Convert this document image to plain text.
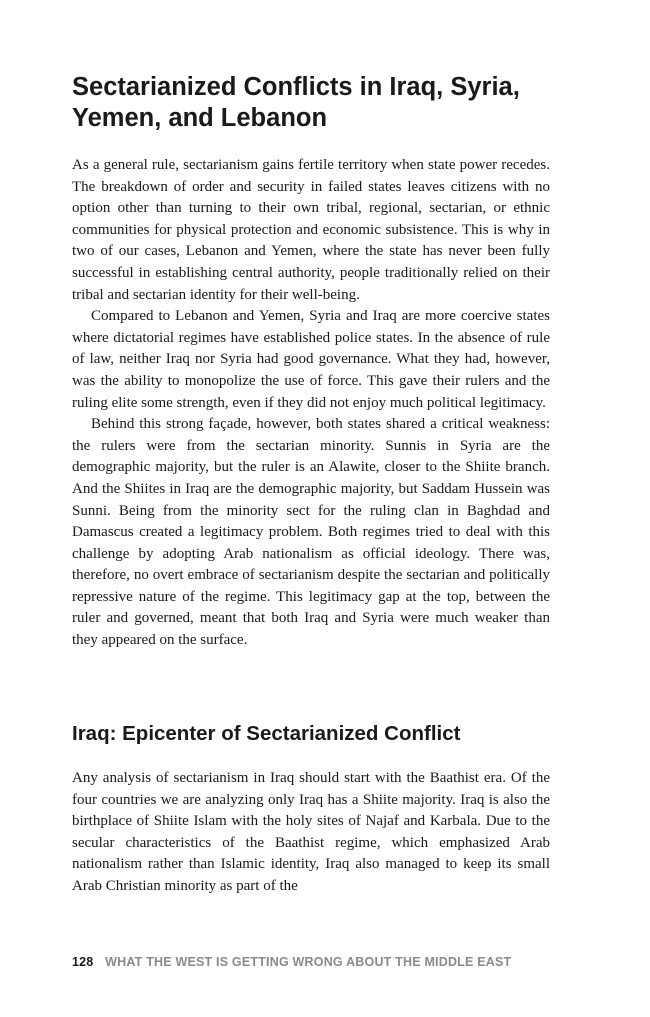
Sectarianized Conflicts in Iraq, Syria, Yemen, and Lebanon

As a general rule, sectarianism gains fertile territory when state power recedes. The breakdown of order and security in failed states leaves citizens with no option other than turning to their own tribal, regional, sectarian, or ethnic communities for physical protection and economic subsistence. This is why in two of our cases, Lebanon and Yemen, where the state has never been fully successful in establishing central authority, people traditionally relied on their tribal and sectarian identity for their well-being.

Compared to Lebanon and Yemen, Syria and Iraq are more coercive states where dictatorial regimes have established police states. In the absence of rule of law, neither Iraq nor Syria had good governance. What they had, however, was the ability to monopolize the use of force. This gave their rulers and the ruling elite some strength, even if they did not enjoy much political legitimacy.

Behind this strong façade, however, both states shared a critical weakness: the rulers were from the sectarian minority. Sunnis in Syria are the demographic majority, but the ruler is an Alawite, closer to the Shiite branch. And the Shiites in Iraq are the demographic majority, but Saddam Hussein was Sunni. Being from the minority sect for the ruling clan in Baghdad and Damascus created a legitimacy problem. Both regimes tried to deal with this challenge by adopting Arab nationalism as official ideology. There was, therefore, no overt embrace of sectarianism despite the sectarian and politically repressive nature of the regime. This legitimacy gap at the top, between the ruler and governed, meant that both Iraq and Syria were much weaker than they appeared on the surface.

Iraq: Epicenter of Sectarianized Conflict

Any analysis of sectarianism in Iraq should start with the Baathist era. Of the four countries we are analyzing only Iraq has a Shiite majority. Iraq is also the birthplace of Shiite Islam with the holy sites of Najaf and Karbala. Due to the secular characteristics of the Baathist regime, which emphasized Arab nationalism rather than Islamic identity, Iraq also managed to keep its small Arab Christian minority as part of the

128 WHAT THE WEST IS GETTING WRONG ABOUT THE MIDDLE EAST
